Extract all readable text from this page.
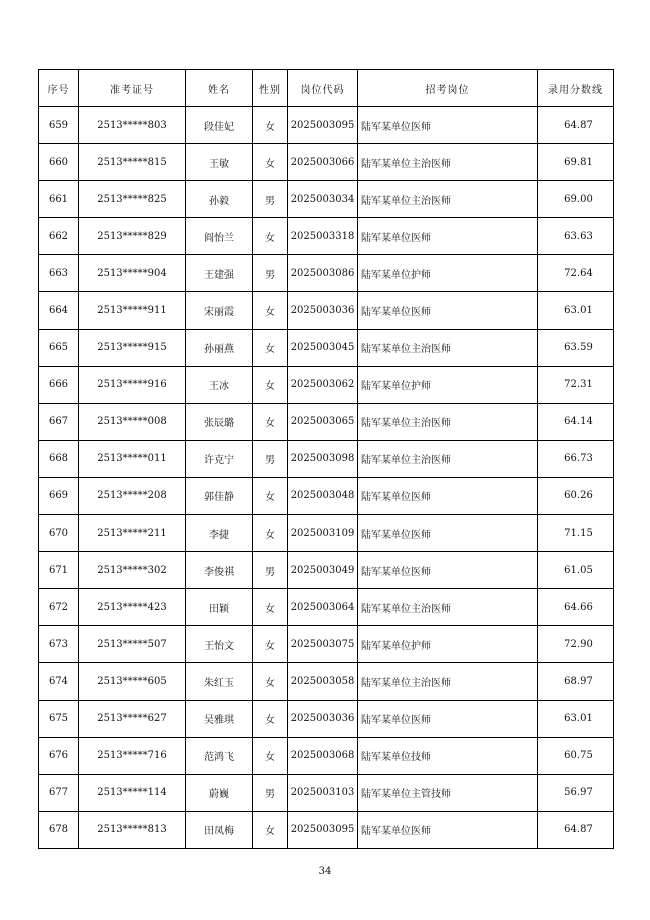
序号	准考证号	姓名	性别	岗位代码	招考岗位	录用分数线
659	2513*****803	段佳妃	女	2025003095	陆军某单位医师	64.87
660	2513*****815	王敏	女	2025003066	陆军某单位主治医师	69.81
661	2513*****825	孙毅	男	2025003034	陆军某单位主治医师	69.00
662	2513*****829	阎怡兰	女	2025003318	陆军某单位医师	63.63
663	2513*****904	王建强	男	2025003086	陆军某单位护师	72.64
664	2513*****911	宋丽霞	女	2025003036	陆军某单位医师	63.01
665	2513*****915	孙丽燕	女	2025003045	陆军某单位主治医师	63.59
666	2513*****916	王冰	女	2025003062	陆军某单位护师	72.31
667	2513*****008	张辰璐	女	2025003065	陆军某单位主治医师	64.14
668	2513*****011	许克宁	男	2025003098	陆军某单位主治医师	66.73
669	2513*****208	郭佳静	女	2025003048	陆军某单位医师	60.26
670	2513*****211	李捷	女	2025003109	陆军某单位医师	71.15
671	2513*****302	李俊祺	男	2025003049	陆军某单位医师	61.05
672	2513*****423	田颖	女	2025003064	陆军某单位主治医师	64.66
673	2513*****507	王怡文	女	2025003075	陆军某单位护师	72.90
674	2513*****605	朱红玉	女	2025003058	陆军某单位主治医师	68.97
675	2513*****627	吴雅琪	女	2025003036	陆军某单位医师	63.01
676	2513*****716	范鸿飞	女	2025003068	陆军某单位技师	60.75
677	2513*****114	蔚巍	男	2025003103	陆军某单位主管技师	56.97
678	2513*****813	田凤梅	女	2025003095	陆军某单位医师	64.87
34
